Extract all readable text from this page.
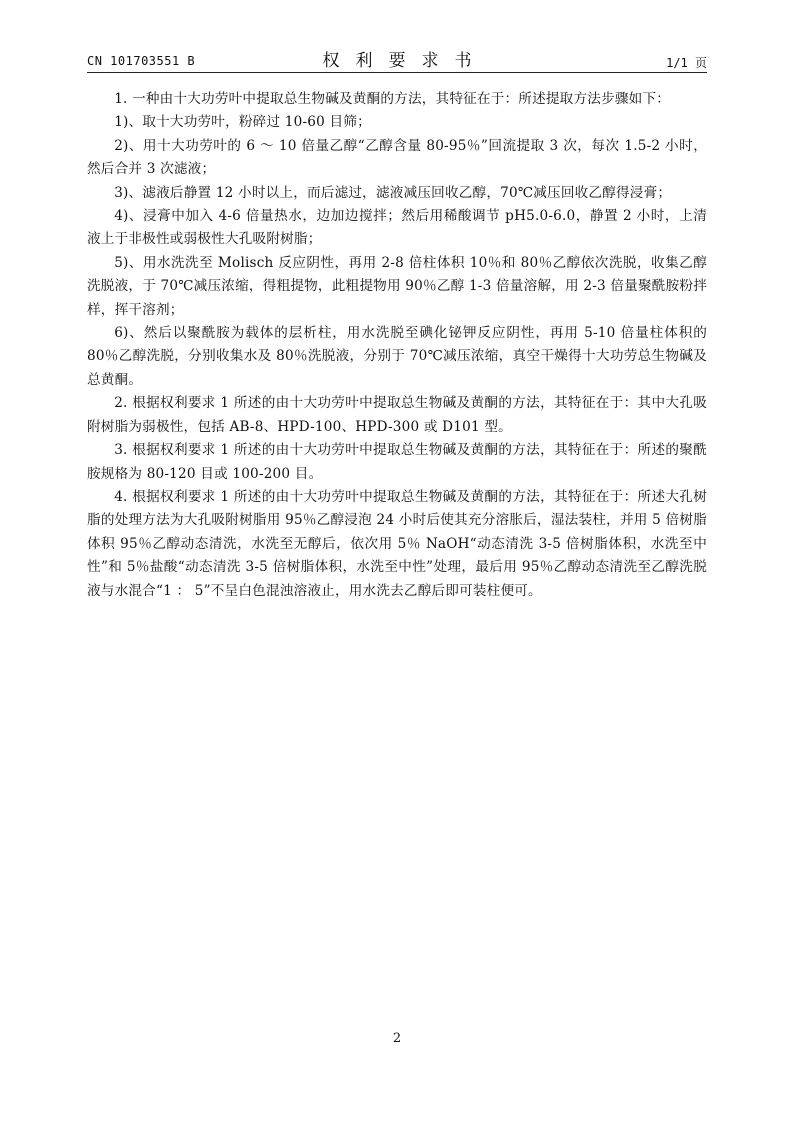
CN 101703551 B	权利要求书	1/1 页

1. 一种由十大功劳叶中提取总生物碱及黄酮的方法，其特征在于：所述提取方法步骤如下：

1)、取十大功劳叶，粉碎过 10-60 目筛；

2)、用十大功劳叶的 6 ～ 10 倍量乙醇“乙醇含量 80-95％”回流提取 3 次，每次 1.5-2 小时，然后合并 3 次滤液；

3)、滤液后静置 12 小时以上，而后滤过，滤液减压回收乙醇，70℃减压回收乙醇得浸膏；

4)、浸膏中加入 4-6 倍量热水，边加边搅拌；然后用稀酸调节 pH5.0-6.0，静置 2 小时，上清液上于非极性或弱极性大孔吸附树脂；

5)、用水洗洗至 Molisch 反应阴性，再用 2-8 倍柱体积 10％和 80％乙醇依次洗脱，收集乙醇洗脱液，于 70℃减压浓缩，得粗提物，此粗提物用 90％乙醇 1-3 倍量溶解，用 2-3 倍量聚酰胺粉拌样，挥干溶剂；

6)、然后以聚酰胺为载体的层析柱，用水洗脱至碘化铋钾反应阴性，再用 5-10 倍量柱体积的 80％乙醇洗脱，分别收集水及 80％洗脱液，分别于 70℃减压浓缩，真空干燥得十大功劳总生物碱及总黄酮。

2. 根据权利要求 1 所述的由十大功劳叶中提取总生物碱及黄酮的方法，其特征在于：其中大孔吸附树脂为弱极性，包括 AB-8、HPD-100、HPD-300 或 D101 型。

3. 根据权利要求 1 所述的由十大功劳叶中提取总生物碱及黄酮的方法，其特征在于：所述的聚酰胺规格为 80-120 目或 100-200 目。

4. 根据权利要求 1 所述的由十大功劳叶中提取总生物碱及黄酮的方法，其特征在于：所述大孔树脂的处理方法为大孔吸附树脂用 95％乙醇浸泡 24 小时后使其充分溶胀后，湿法装柱，并用 5 倍树脂体积 95％乙醇动态清洗，水洗至无醇后，依次用 5％ NaOH“动态清洗 3-5 倍树脂体积，水洗至中性”和 5％盐酸“动态清洗 3-5 倍树脂体积，水洗至中性”处理，最后用 95％乙醇动态清洗至乙醇洗脱液与水混合“1 ： 5”不呈白色混浊溶液止，用水洗去乙醇后即可装柱便可。

2
